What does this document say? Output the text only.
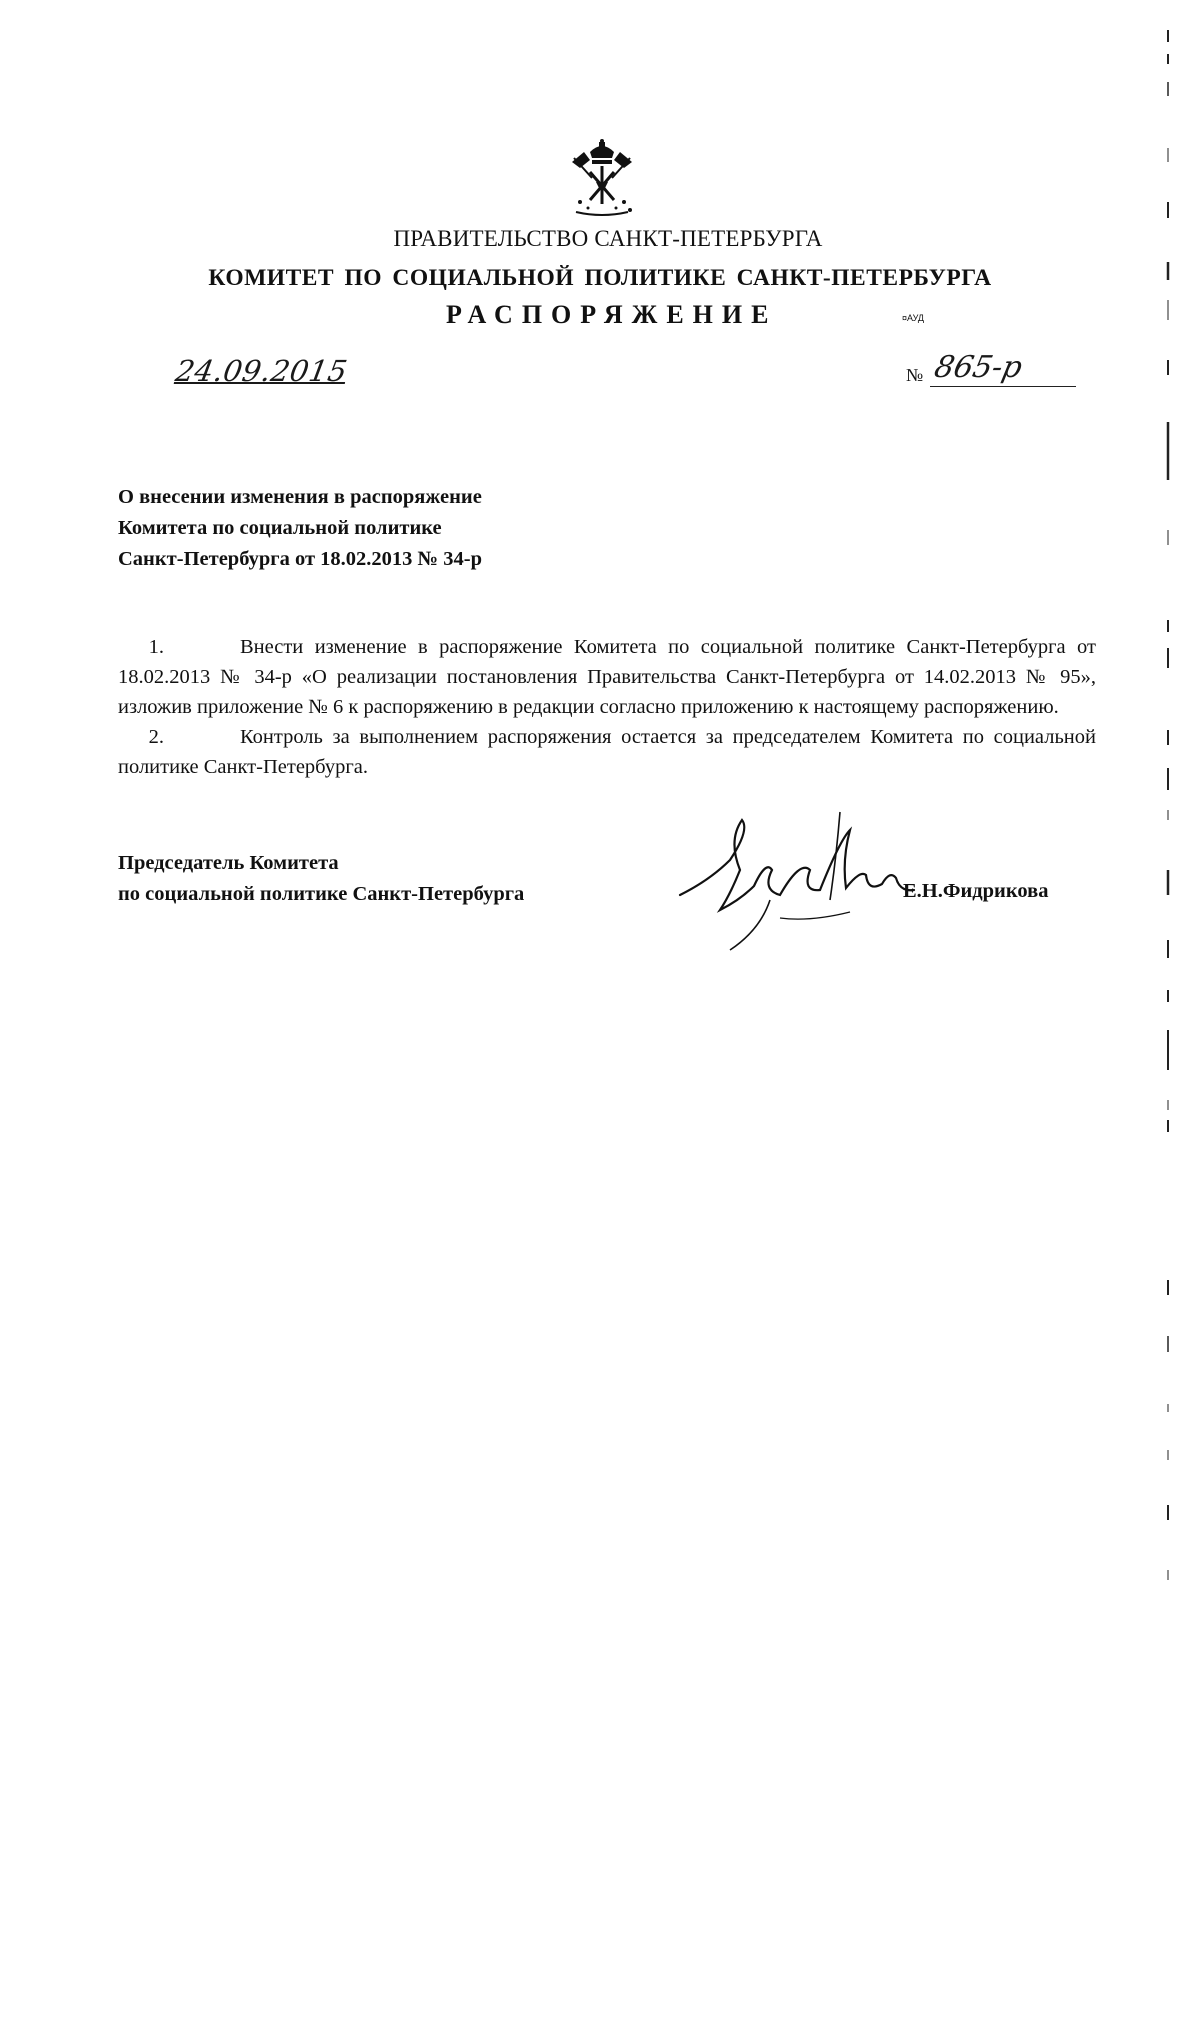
ПРАВИТЕЛЬСТВО САНКТ-ПЕТЕРБУРГА
КОМИТЕТ ПО СОЦИАЛЬНОЙ ПОЛИТИКЕ САНКТ-ПЕТЕРБУРГА
РАСПОРЯЖЕНИЕ	¤АУД
24.09.2015	№ 865-р
О внесении изменения в распоряжение
Комитета по социальной политике
Санкт-Петербурга от 18.02.2013 № 34-р

1.	Внести изменение в распоряжение Комитета по социальной политике Санкт-Петербурга от 18.02.2013 № 34-р «О реализации постановления Правительства Санкт-Петербурга от 14.02.2013 № 95», изложив приложение № 6 к распоряжению в редакции согласно приложению к настоящему распоряжению.

2.	Контроль за выполнением распоряжения остается за председателем Комитета по социальной политике Санкт-Петербурга.

Председатель Комитета
по социальной политике Санкт-Петербурга	Е.Н.Фидрикова
